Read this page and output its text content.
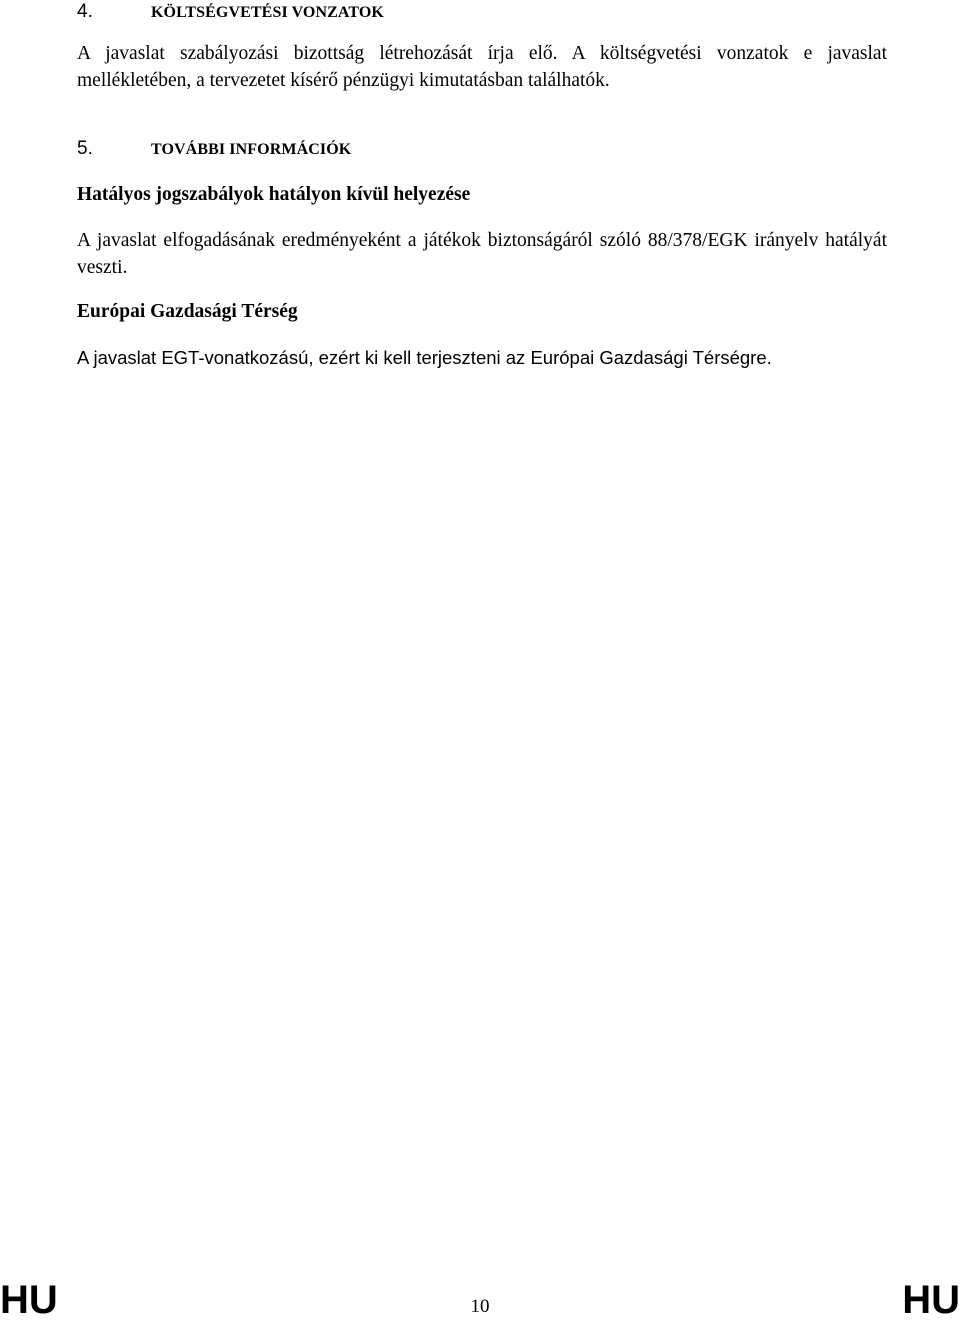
4.	KÖLTSÉGVETÉSI VONZATOK

A javaslat szabályozási bizottság létrehozását írja elő. A költségvetési vonzatok e javaslat mellékletében, a tervezetet kísérő pénzügyi kimutatásban találhatók.

5.	TOVÁBBI INFORMÁCIÓK
Hatályos jogszabályok hatályon kívül helyezése

A javaslat elfogadásának eredményeként a játékok biztonságáról szóló 88/378/EGK irányelv hatályát veszti.

Európai Gazdasági Térség

A javaslat EGT-vonatkozású, ezért ki kell terjeszteni az Európai Gazdasági Térségre.

HU	10	HU
